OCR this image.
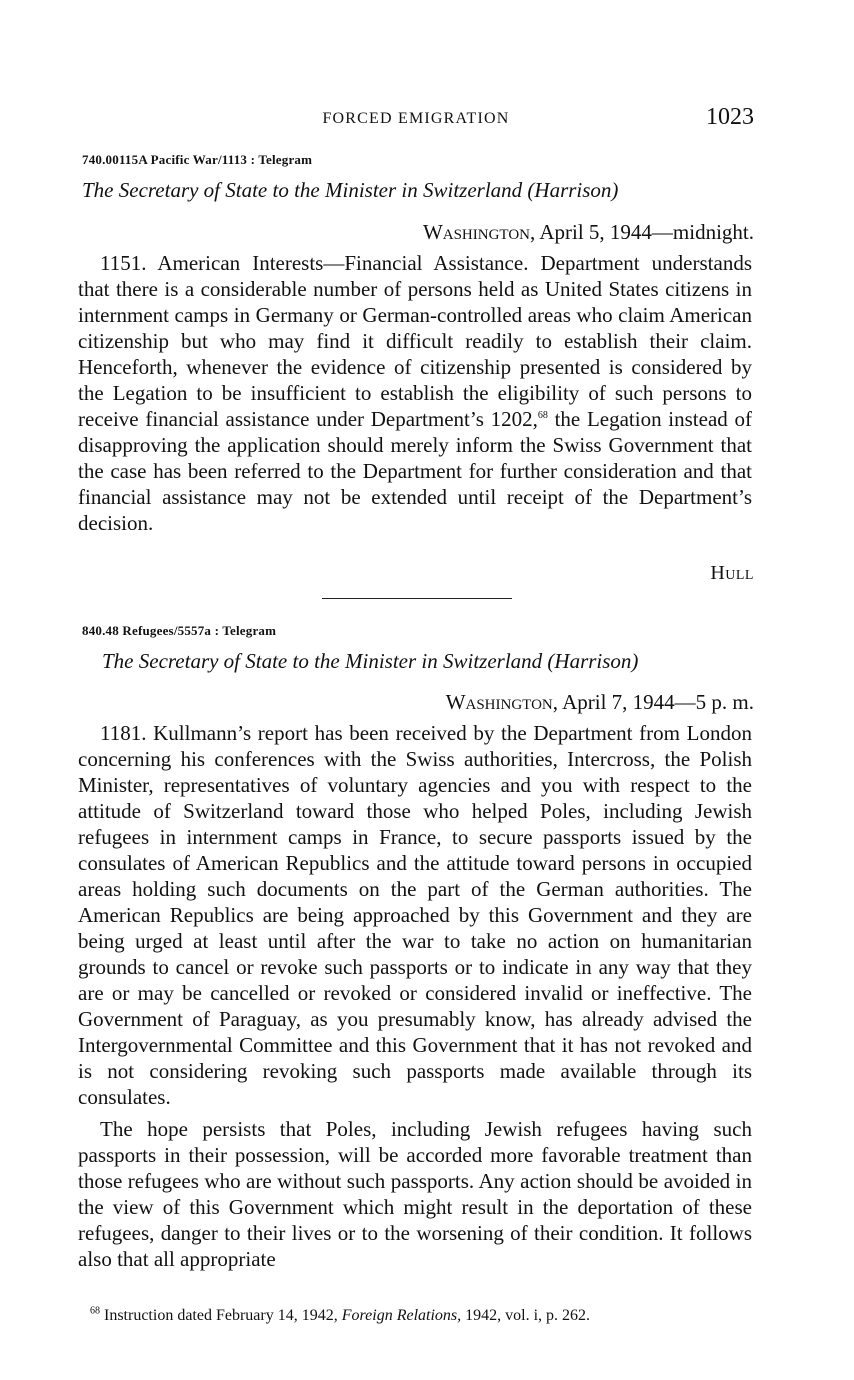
FORCED EMIGRATION	1023
740.00115A Pacific War/1113 : Telegram
The Secretary of State to the Minister in Switzerland (Harrison)
Washington, April 5, 1944—midnight.

1151. American Interests—Financial Assistance. Department understands that there is a considerable number of persons held as United States citizens in internment camps in Germany or German-controlled areas who claim American citizenship but who may find it difficult readily to establish their claim. Henceforth, whenever the evidence of citizenship presented is considered by the Legation to be insufficient to establish the eligibility of such persons to receive financial assistance under Department’s 1202,68 the Legation instead of disapproving the application should merely inform the Swiss Government that the case has been referred to the Department for further consideration and that financial assistance may not be extended until receipt of the Department’s decision.

Hull
840.48 Refugees/5557a : Telegram
The Secretary of State to the Minister in Switzerland (Harrison)
Washington, April 7, 1944—5 p. m.

1181. Kullmann’s report has been received by the Department from London concerning his conferences with the Swiss authorities, Intercross, the Polish Minister, representatives of voluntary agencies and you with respect to the attitude of Switzerland toward those who helped Poles, including Jewish refugees in internment camps in France, to secure passports issued by the consulates of American Republics and the attitude toward persons in occupied areas holding such documents on the part of the German authorities. The American Republics are being approached by this Government and they are being urged at least until after the war to take no action on humanitarian grounds to cancel or revoke such passports or to indicate in any way that they are or may be cancelled or revoked or considered invalid or ineffective. The Government of Paraguay, as you presumably know, has already advised the Intergovernmental Committee and this Government that it has not revoked and is not considering revoking such passports made available through its consulates.

The hope persists that Poles, including Jewish refugees having such passports in their possession, will be accorded more favorable treatment than those refugees who are without such passports. Any action should be avoided in the view of this Government which might result in the deportation of these refugees, danger to their lives or to the worsening of their condition. It follows also that all appropriate

$^{68}$ Instruction dated February 14, 1942, Foreign Relations, 1942, vol. i, p. 262.
